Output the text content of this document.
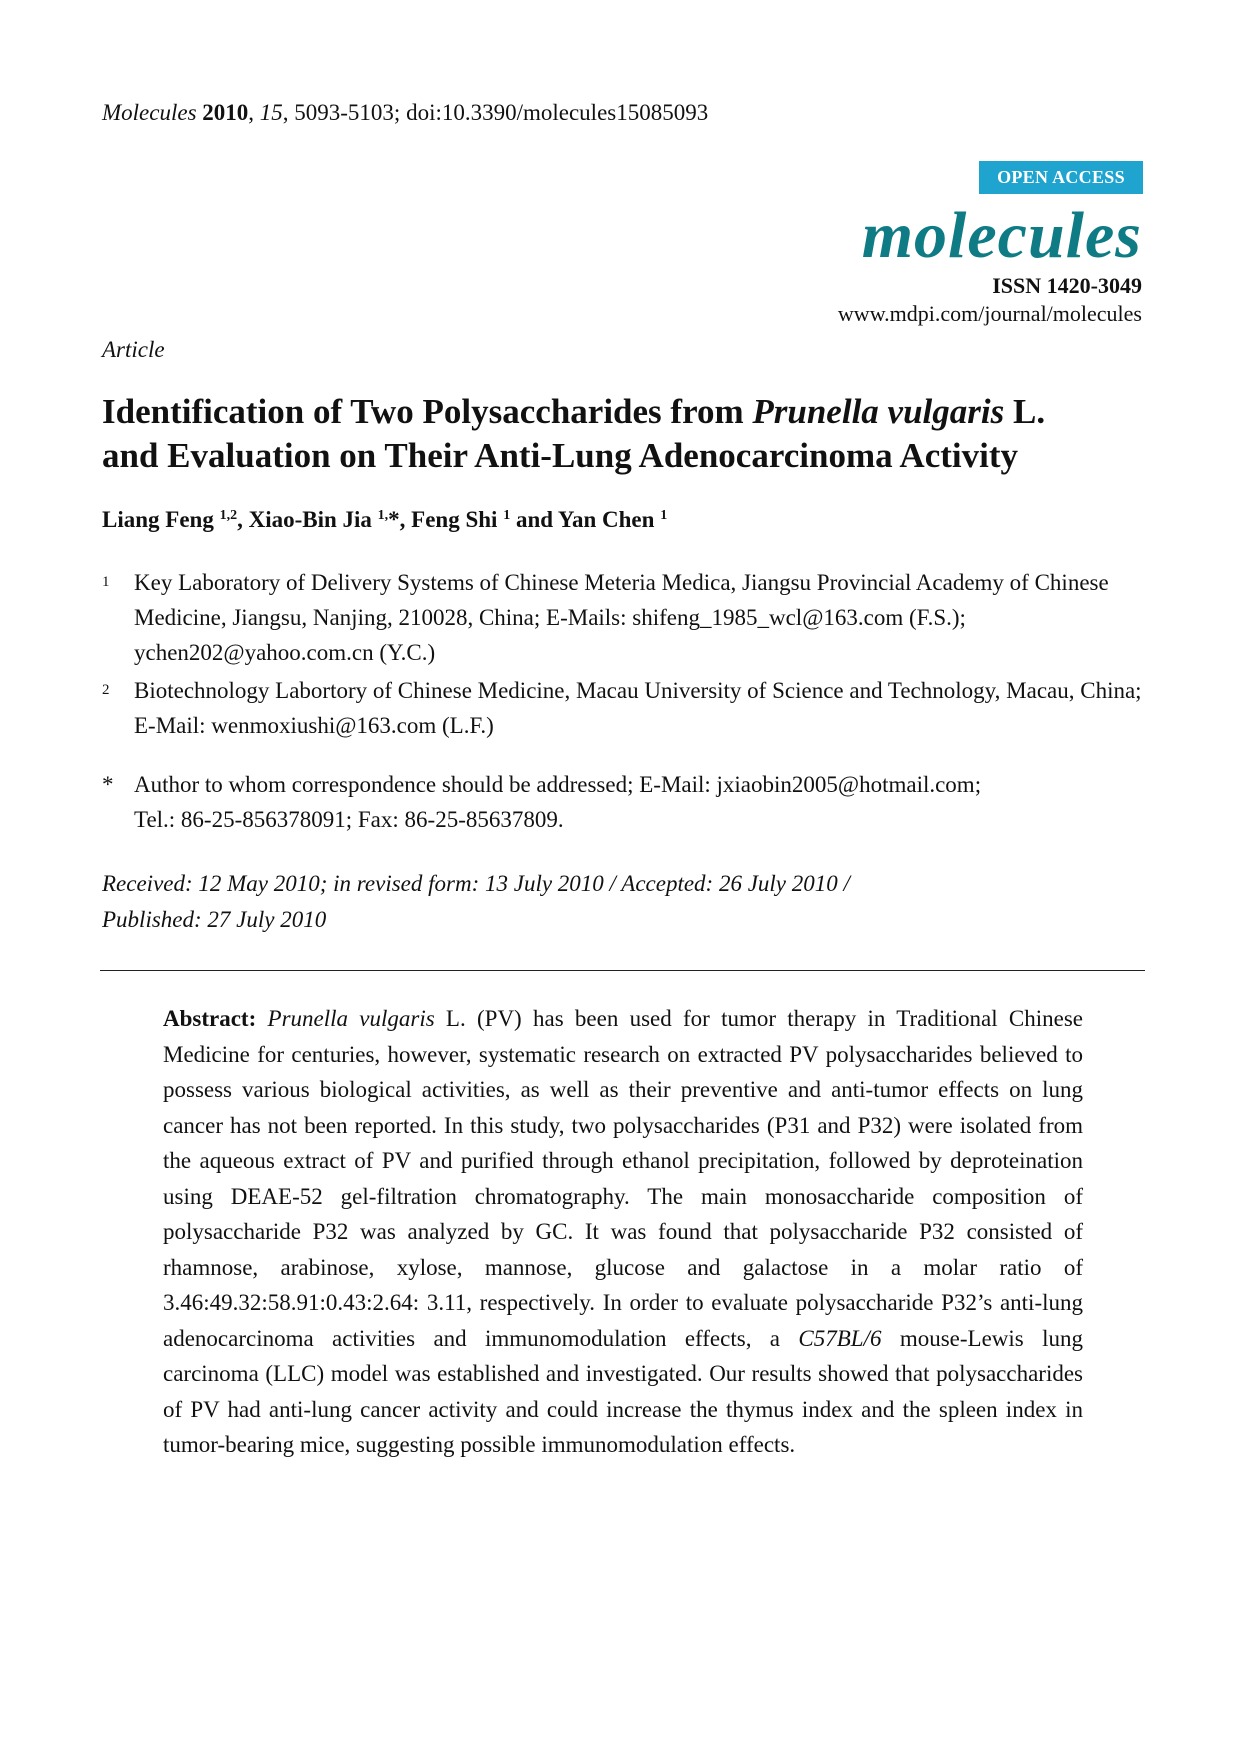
Molecules 2010, 15, 5093-5103; doi:10.3390/molecules15085093
OPEN ACCESS
molecules
ISSN 1420-3049
www.mdpi.com/journal/molecules
Article
Identification of Two Polysaccharides from Prunella vulgaris L.
and Evaluation on Their Anti-Lung Adenocarcinoma Activity
Liang Feng $^{1,2}$, Xiao-Bin Jia $^{1,}$*, Feng Shi $^1$ and Yan Chen $^1$
1 Key Laboratory of Delivery Systems of Chinese Meteria Medica, Jiangsu Provincial Academy of Chinese Medicine, Jiangsu, Nanjing, 210028, China; E-Mails: shifeng_1985_wcl@163.com (F.S.); ychen202@yahoo.com.cn (Y.C.)
2 Biotechnology Labortory of Chinese Medicine, Macau University of Science and Technology, Macau, China; E-Mail: wenmoxiushi@163.com (L.F.)
* Author to whom correspondence should be addressed; E-Mail: jxiaobin2005@hotmail.com;
Tel.: 86-25-856378091; Fax: 86-25-85637809.
Received: 12 May 2010; in revised form: 13 July 2010 / Accepted: 26 July 2010 /
Published: 27 July 2010
Abstract: Prunella vulgaris L. (PV) has been used for tumor therapy in Traditional Chinese Medicine for centuries, however, systematic research on extracted PV polysaccharides believed to possess various biological activities, as well as their preventive and anti-tumor effects on lung cancer has not been reported. In this study, two polysaccharides (P31 and P32) were isolated from the aqueous extract of PV and purified through ethanol precipitation, followed by deproteination using DEAE-52 gel-filtration chromatography. The main monosaccharide composition of polysaccharide P32 was analyzed by GC. It was found that polysaccharide P32 consisted of rhamnose, arabinose, xylose, mannose, glucose and galactose in a molar ratio of 3.46:49.32:58.91:0.43:2.64: 3.11, respectively. In order to evaluate polysaccharide P32’s anti-lung adenocarcinoma activities and immunomodulation effects, a C57BL/6 mouse-Lewis lung carcinoma (LLC) model was established and investigated. Our results showed that polysaccharides of PV had anti-lung cancer activity and could increase the thymus index and the spleen index in tumor-bearing mice, suggesting possible immunomodulation effects.
